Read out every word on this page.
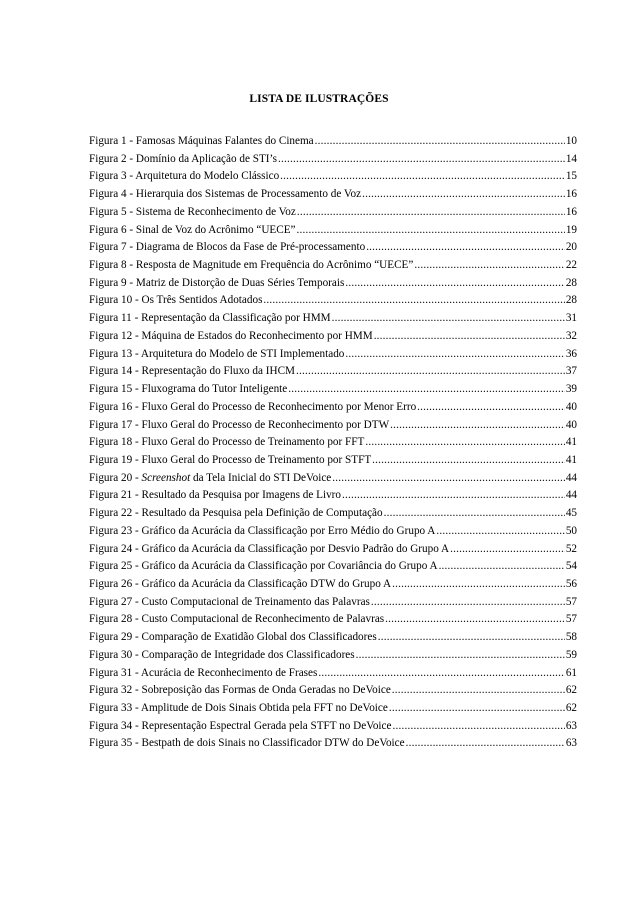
LISTA DE ILUSTRAÇÕES
Figura 1 - Famosas Máquinas Falantes do Cinema .....	10
Figura 2 - Domínio da Aplicação de STI’s .....	14
Figura 3 - Arquitetura do Modelo Clássico .....	15
Figura 4 - Hierarquia dos Sistemas de Processamento de Voz .....	16
Figura 5 - Sistema de Reconhecimento de Voz .....	16
Figura 6 - Sinal de Voz do Acrônimo “UECE” .....	19
Figura 7 - Diagrama de Blocos da Fase de Pré-processamento .....	20
Figura 8 - Resposta de Magnitude em Frequência do Acrônimo “UECE” .....	22
Figura 9 - Matriz de Distorção de Duas Séries Temporais .....	28
Figura 10 - Os Três Sentidos Adotados .....	28
Figura 11 - Representação da Classificação por HMM .....	31
Figura 12 - Máquina de Estados do Reconhecimento por HMM .....	32
Figura 13 - Arquitetura do Modelo de STI Implementado .....	36
Figura 14 - Representação do Fluxo da IHCM .....	37
Figura 15 - Fluxograma do Tutor Inteligente .....	39
Figura 16 - Fluxo Geral do Processo de Reconhecimento por Menor Erro .....	40
Figura 17 - Fluxo Geral do Processo de Reconhecimento por DTW .....	40
Figura 18 - Fluxo Geral do Processo de Treinamento por FFT .....	41
Figura 19 - Fluxo Geral do Processo de Treinamento por STFT .....	41
Figura 20 - Screenshot da Tela Inicial do STI DeVoice .....	44
Figura 21 - Resultado da Pesquisa por Imagens de Livro .....	44
Figura 22 - Resultado da Pesquisa pela Definição de Computação .....	45
Figura 23 - Gráfico da Acurácia da Classificação por Erro Médio do Grupo A .....	50
Figura 24 - Gráfico da Acurácia da Classificação por Desvio Padrão do Grupo A .....	52
Figura 25 - Gráfico da Acurácia da Classificação por Covariância do Grupo A .....	54
Figura 26 - Gráfico da Acurácia da Classificação DTW do Grupo A .....	56
Figura 27 - Custo Computacional de Treinamento das Palavras .....	57
Figura 28 - Custo Computacional de Reconhecimento de Palavras .....	57
Figura 29 - Comparação de Exatidão Global dos Classificadores .....	58
Figura 30 - Comparação de Integridade dos Classificadores .....	59
Figura 31 - Acurácia de Reconhecimento de Frases .....	61
Figura 32 - Sobreposição das Formas de Onda Geradas no DeVoice .....	62
Figura 33 - Amplitude de Dois Sinais Obtida pela FFT no DeVoice .....	62
Figura 34 - Representação Espectral Gerada pela STFT no DeVoice .....	63
Figura 35 - Bestpath de dois Sinais no Classificador DTW do DeVoice .....	63
